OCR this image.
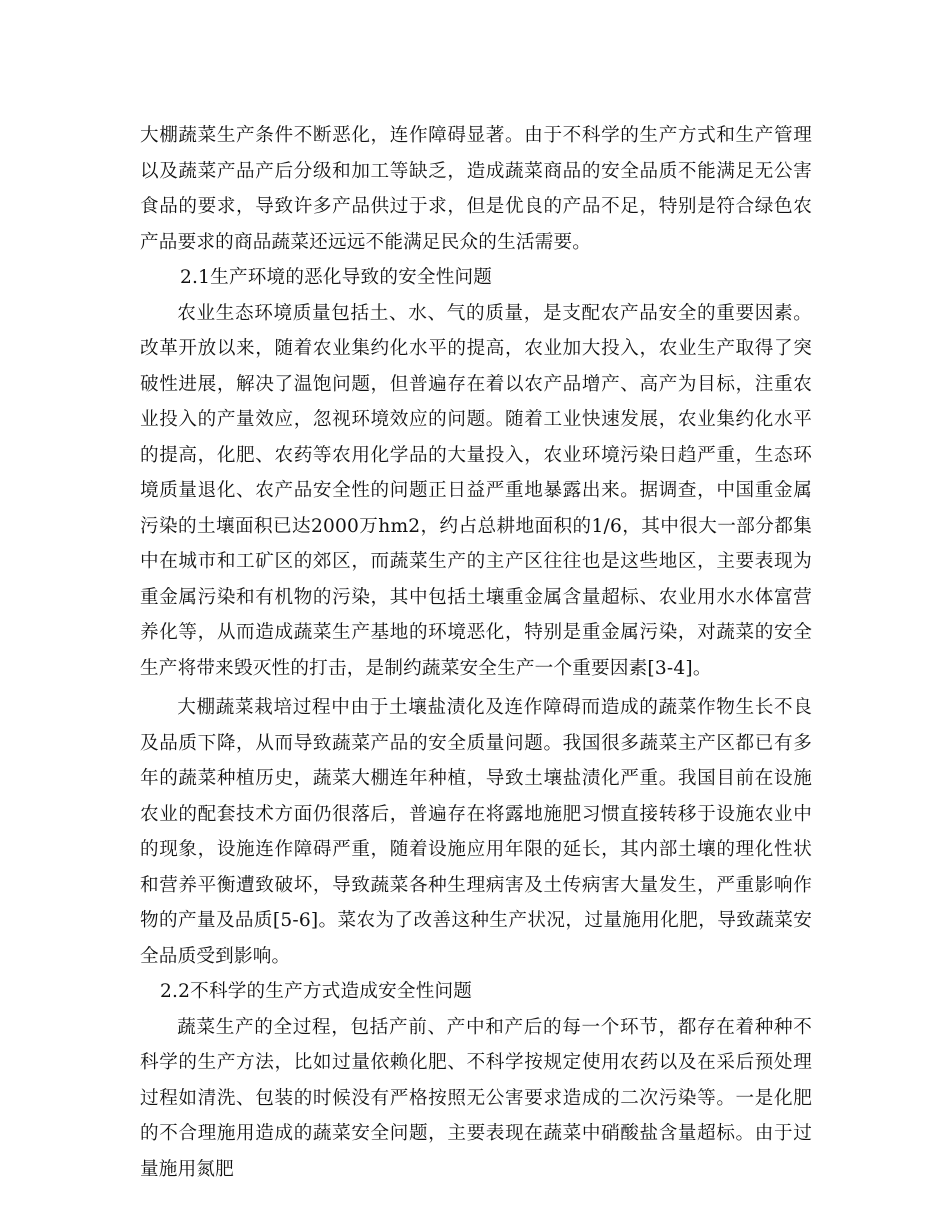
大棚蔬菜生产条件不断恶化，连作障碍显著。由于不科学的生产方式和生产管理以及蔬菜产品产后分级和加工等缺乏，造成蔬菜商品的安全品质不能满足无公害食品的要求，导致许多产品供过于求，但是优良的产品不足，特别是符合绿色农产品要求的商品蔬菜还远远不能满足民众的生活需要。

2.1生产环境的恶化导致的安全性问题

农业生态环境质量包括土、水、气的质量，是支配农产品安全的重要因素。改革开放以来，随着农业集约化水平的提高，农业加大投入，农业生产取得了突破性进展，解决了温饱问题，但普遍存在着以农产品增产、高产为目标，注重农业投入的产量效应，忽视环境效应的问题。随着工业快速发展，农业集约化水平的提高，化肥、农药等农用化学品的大量投入，农业环境污染日趋严重，生态环境质量退化、农产品安全性的问题正日益严重地暴露出来。据调查，中国重金属污染的土壤面积已达2000万hm2，约占总耕地面积的1/6，其中很大一部分都集中在城市和工矿区的郊区，而蔬菜生产的主产区往往也是这些地区，主要表现为重金属污染和有机物的污染，其中包括土壤重金属含量超标、农业用水水体富营养化等，从而造成蔬菜生产基地的环境恶化，特别是重金属污染，对蔬菜的安全生产将带来毁灭性的打击，是制约蔬菜安全生产一个重要因素[3-4]。

大棚蔬菜栽培过程中由于土壤盐渍化及连作障碍而造成的蔬菜作物生长不良及品质下降，从而导致蔬菜产品的安全质量问题。我国很多蔬菜主产区都已有多年的蔬菜种植历史，蔬菜大棚连年种植，导致土壤盐渍化严重。我国目前在设施农业的配套技术方面仍很落后，普遍存在将露地施肥习惯直接转移于设施农业中的现象，设施连作障碍严重，随着设施应用年限的延长，其内部土壤的理化性状和营养平衡遭致破坏，导致蔬菜各种生理病害及土传病害大量发生，严重影响作物的产量及品质[5-6]。菜农为了改善这种生产状况，过量施用化肥，导致蔬菜安全品质受到影响。

2.2不科学的生产方式造成安全性问题

蔬菜生产的全过程，包括产前、产中和产后的每一个环节，都存在着种种不科学的生产方法，比如过量依赖化肥、不科学按规定使用农药以及在采后预处理过程如清洗、包装的时候没有严格按照无公害要求造成的二次污染等。一是化肥的不合理施用造成的蔬菜安全问题，主要表现在蔬菜中硝酸盐含量超标。由于过量施用氮肥
